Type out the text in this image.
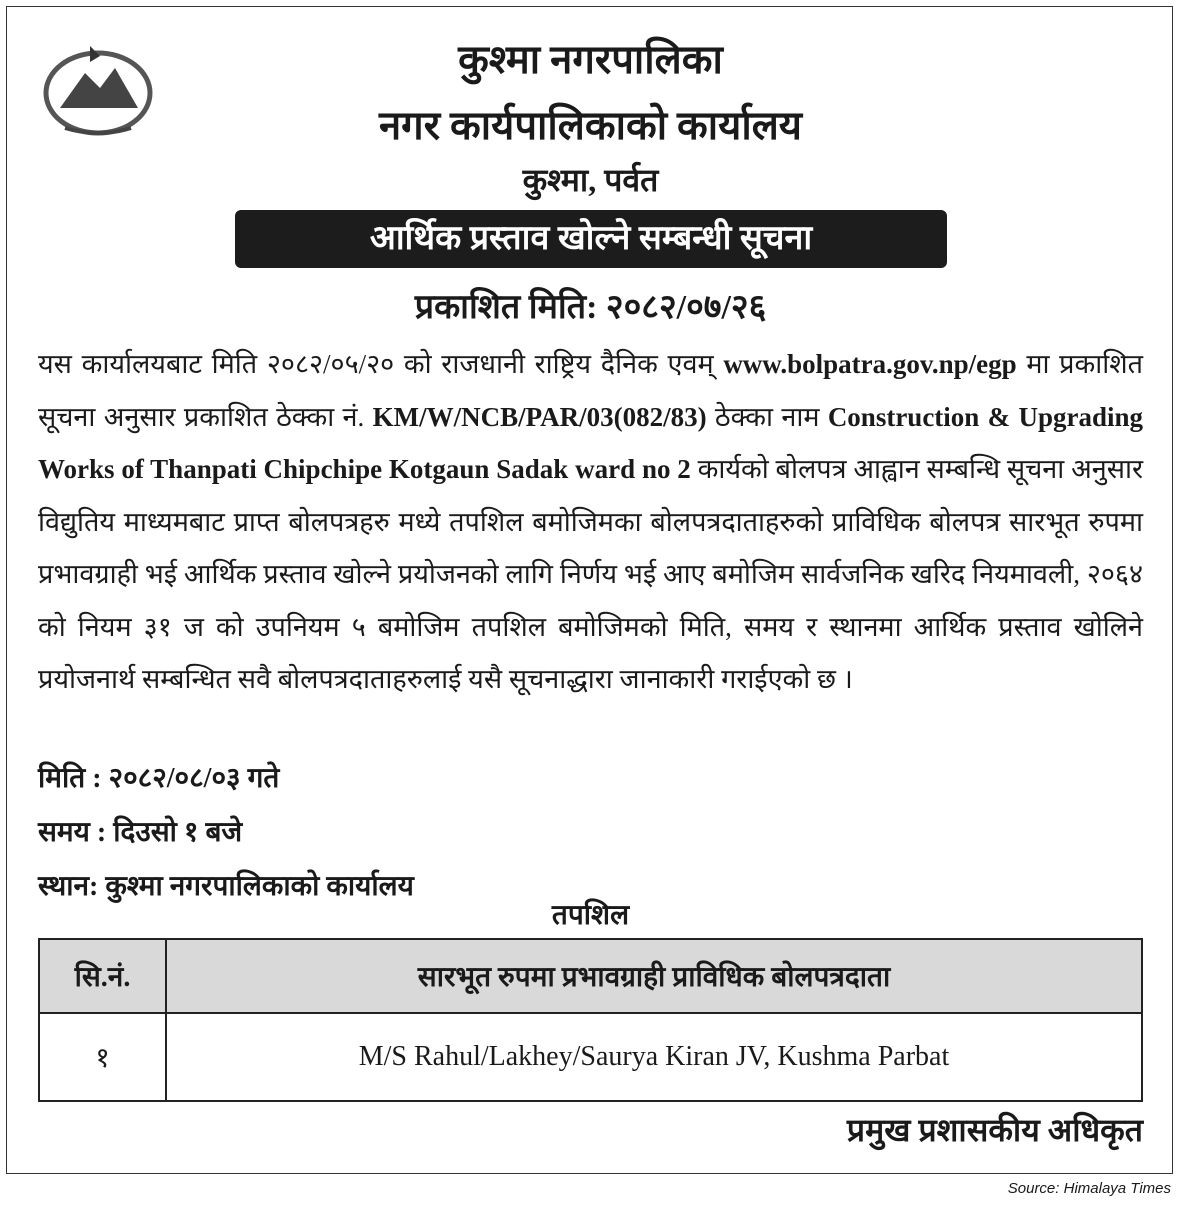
कुश्मा नगरपालिका
नगर कार्यपालिकाको कार्यालय
कुश्मा, पर्वत
आर्थिक प्रस्ताव खोल्ने सम्बन्धी सूचना
प्रकाशित मिति: २०८२/०७/२६
यस कार्यालयबाट मिति २०८२/०५/२० को राजधानी राष्ट्रिय दैनिक एवम् www.bolpatra.gov.np/egp मा प्रकाशित सूचना अनुसार प्रकाशित ठेक्का नं. KM/W/NCB/PAR/03(082/83) ठेक्का नाम Construction & Upgrading Works of Thanpati Chipchipe Kotgaun Sadak ward no 2 कार्यको बोलपत्र आह्वान सम्बन्धि सूचना अनुसार विद्युतिय माध्यमबाट प्राप्त बोलपत्रहरु मध्ये तपशिल बमोजिमका बोलपत्रदाताहरुको प्राविधिक बोलपत्र सारभूत रुपमा प्रभावग्राही भई आर्थिक प्रस्ताव खोल्ने प्रयोजनको लागि निर्णय भई आए बमोजिम सार्वजनिक खरिद नियमावली, २०६४ को नियम ३१ ज को उपनियम ५ बमोजिम तपशिल बमोजिमको मिति, समय र स्थानमा आर्थिक प्रस्ताव खोलिने प्रयोजनार्थ सम्बन्धित सवै बोलपत्रदाताहरुलाई यसै सूचनाद्धारा जानाकारी गराईएको छ ।
मिति : २०८२/०८/०३ गते
समय : दिउसो १ बजे
स्थान: कुश्मा नगरपालिकाको कार्यालय
तपशिल
सि.नं.	सारभूत रुपमा प्रभावग्राही प्राविधिक बोलपत्रदाता
१	M/S Rahul/Lakhey/Saurya Kiran JV, Kushma Parbat
प्रमुख प्रशासकीय अधिकृत
Source: Himalaya Times
